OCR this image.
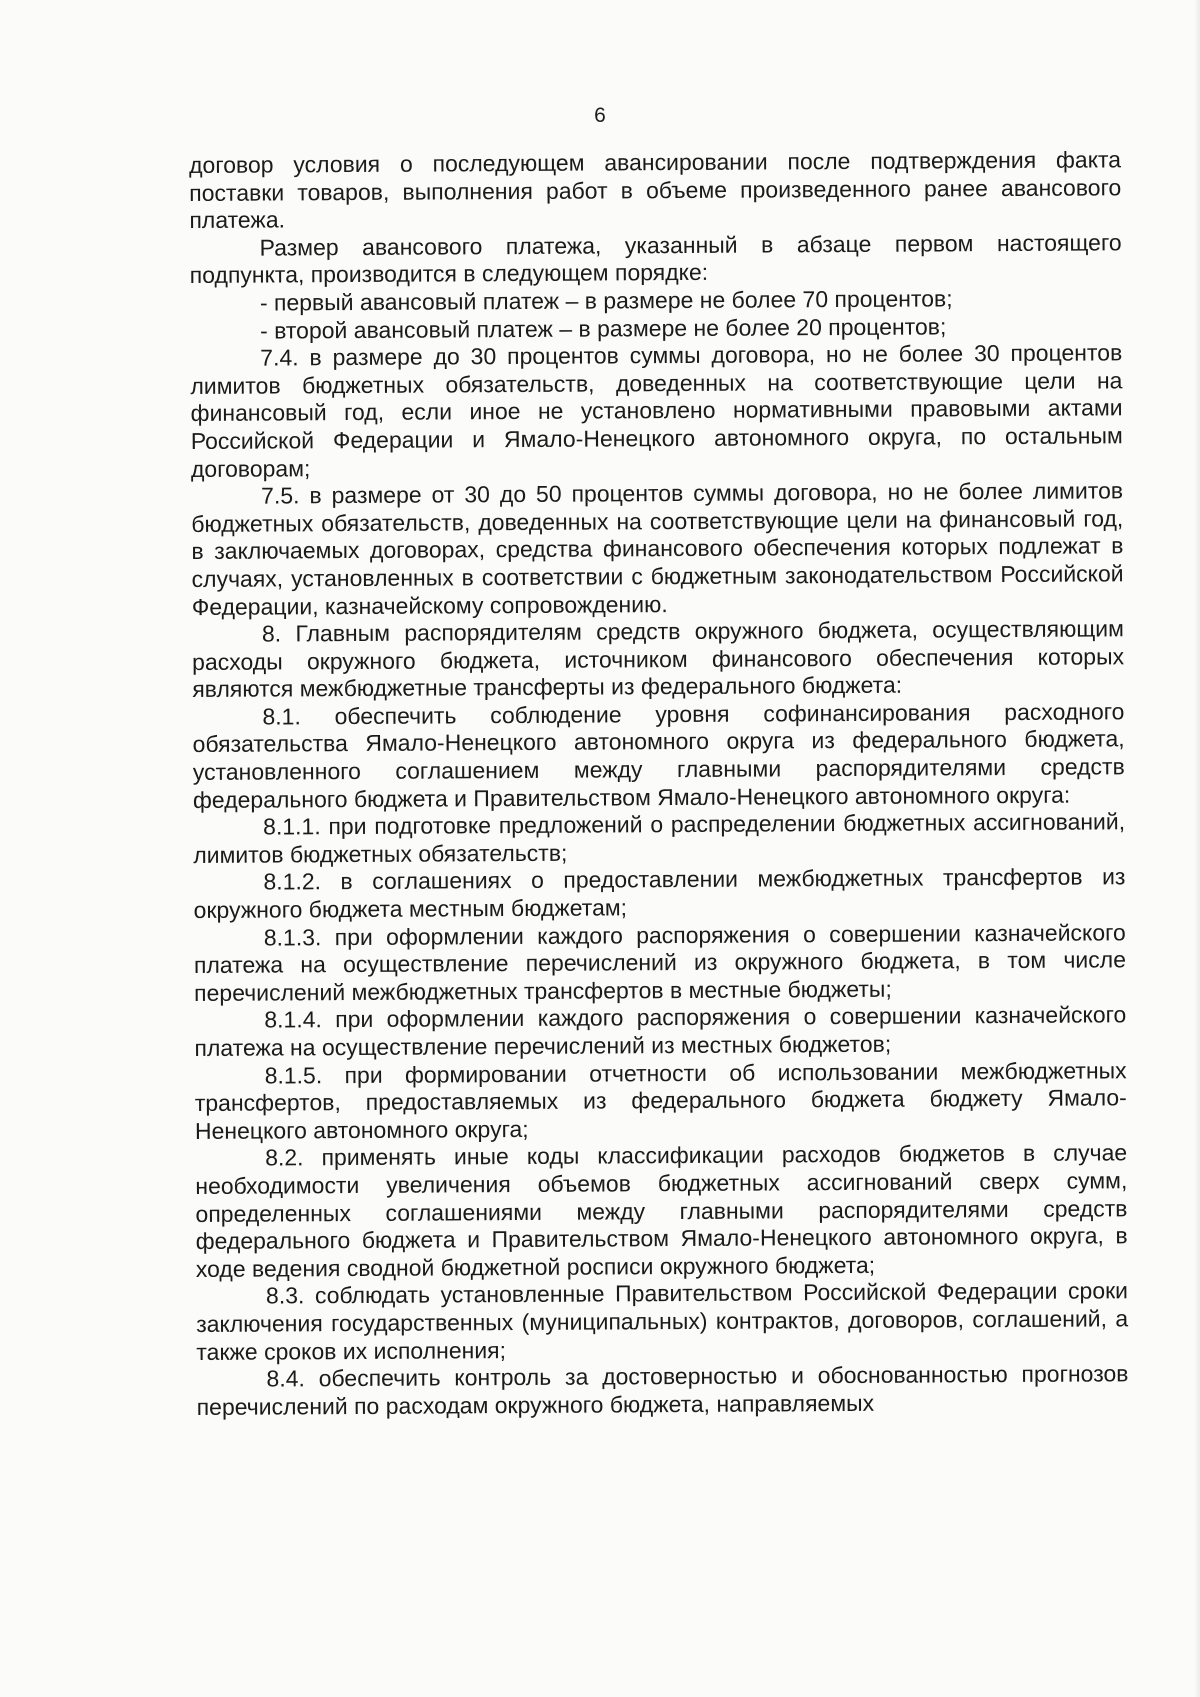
6

договор условия о последующем авансировании после подтверждения факта поставки товаров, выполнения работ в объеме произведенного ранее авансового платежа.

Размер авансового платежа, указанный в абзаце первом настоящего подпункта, производится в следующем порядке:

- первый авансовый платеж – в размере не более 70 процентов;

- второй авансовый платеж – в размере не более 20 процентов;

7.4. в размере до 30 процентов суммы договора, но не более 30 процентов лимитов бюджетных обязательств, доведенных на соответствующие цели на финансовый год, если иное не установлено нормативными правовыми актами Российской Федерации и Ямало-Ненецкого автономного округа, по остальным договорам;

7.5. в размере от 30 до 50 процентов суммы договора, но не более лимитов бюджетных обязательств, доведенных на соответствующие цели на финансовый год, в заключаемых договорах, средства финансового обеспечения которых подлежат в случаях, установленных в соответствии с бюджетным законодательством Российской Федерации, казначейскому сопровождению.

8. Главным распорядителям средств окружного бюджета, осуществляющим расходы окружного бюджета, источником финансового обеспечения которых являются межбюджетные трансферты из федерального бюджета:

8.1. обеспечить соблюдение уровня софинансирования расходного обязательства Ямало-Ненецкого автономного округа из федерального бюджета, установленного соглашением между главными распорядителями средств федерального бюджета и Правительством Ямало-Ненецкого автономного округа:

8.1.1. при подготовке предложений о распределении бюджетных ассигнований, лимитов бюджетных обязательств;

8.1.2. в соглашениях о предоставлении межбюджетных трансфертов из окружного бюджета местным бюджетам;

8.1.3. при оформлении каждого распоряжения о совершении казначейского платежа на осуществление перечислений из окружного бюджета, в том числе перечислений межбюджетных трансфертов в местные бюджеты;

8.1.4. при оформлении каждого распоряжения о совершении казначейского платежа на осуществление перечислений из местных бюджетов;

8.1.5. при формировании отчетности об использовании межбюджетных трансфертов, предоставляемых из федерального бюджета бюджету Ямало-Ненецкого автономного округа;

8.2. применять иные коды классификации расходов бюджетов в случае необходимости увеличения объемов бюджетных ассигнований сверх сумм, определенных соглашениями между главными распорядителями средств федерального бюджета и Правительством Ямало-Ненецкого автономного округа, в ходе ведения сводной бюджетной росписи окружного бюджета;

8.3. соблюдать установленные Правительством Российской Федерации сроки заключения государственных (муниципальных) контрактов, договоров, соглашений, а также сроков их исполнения;

8.4. обеспечить контроль за достоверностью и обоснованностью прогнозов перечислений по расходам окружного бюджета, направляемых
